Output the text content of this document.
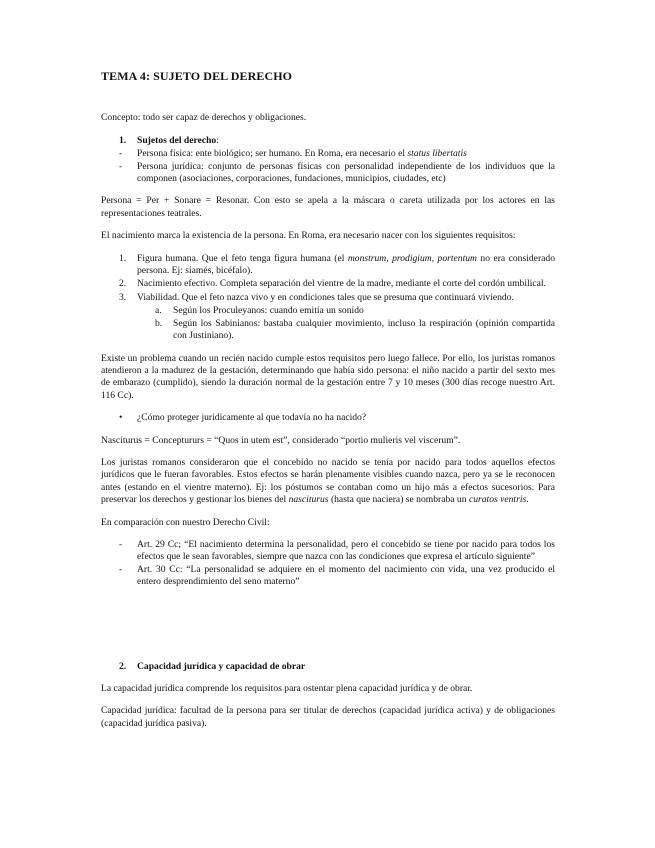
TEMA 4: SUJETO DEL DERECHO

Concepto: todo ser capaz de derechos y obligaciones.

1.	Sujetos del derecho:
-	Persona física: ente biológico; ser humano. En Roma, era necesario el status libertatis
-	Persona jurídica: conjunto de personas físicas con personalidad independiente de los individuos que la componen (asociaciones, corporaciones, fundaciones, municipios, ciudades, etc)

Persona = Per + Sonare = Resonar. Con esto se apela a la máscara o careta utilizada por los actores en las representaciones teatrales.

El nacimiento marca la existencia de la persona. En Roma, era necesario nacer con los siguientes requisitos:

1.	Figura humana. Que el feto tenga figura humana (el monstrum, prodigium, portentum no era considerado persona. Ej: siamés, bicéfalo).
2.	Nacimiento efectivo. Completa separación del vientre de la madre, mediante el corte del cordón umbilical.
3.	Viabilidad. Que el feto nazca vivo y en condiciones tales que se presuma que continuará viviendo.
a.	Según los Proculeyanos: cuando emitía un sonido
b.	Según los Sabinianos: bastaba cualquier movimiento, incluso la respiración (opinión compartida con Justiniano).

Existe un problema cuando un recién nacido cumple estos requisitos pero luego fallece. Por ello, los juristas romanos atendieron a la madurez de la gestación, determinando que había sido persona: el niño nacido a partir del sexto mes de embarazo (cumplido), siendo la duración normal de la gestación entre 7 y 10 meses (300 días recoge nuestro Art. 116 Cc).

•	¿Cómo proteger jurídicamente al que todavía no ha nacido?

Nasciturus = Conceptururs = “Quos in utem est”, considerado “portio mulieris vel viscerum”.

Los juristas romanos consideraron que el concebido no nacido se tenía por nacido para todos aquellos efectos jurídicos que le fueran favorables. Estos efectos se harán plenamente visibles cuando nazca, pero ya se le reconocen antes (estando en el vientre materno). Ej: los póstumos se contaban como un hijo más a efectos sucesorios. Para preservar los derechos y gestionar los bienes del nasciturus (hasta que naciera) se nombraba un curatos ventris.

En comparación con nuestro Derecho Civil:

-	Art. 29 Cc; “El nacimiento determina la personalidad, pero el concebido se tiene por nacido para todos los efectos que le sean favorables, siempre que nazca con las condiciones que expresa el artículo siguiente”
-	Art. 30 Cc: “La personalidad se adquiere en el momento del nacimiento con vida, una vez producido el entero desprendimiento del seno materno”
2.	Capacidad jurídica y capacidad de obrar

La capacidad jurídica comprende los requisitos para ostentar plena capacidad jurídica y de obrar.

Capacidad jurídica: facultad de la persona para ser titular de derechos (capacidad jurídica activa) y de obligaciones (capacidad jurídica pasiva).
